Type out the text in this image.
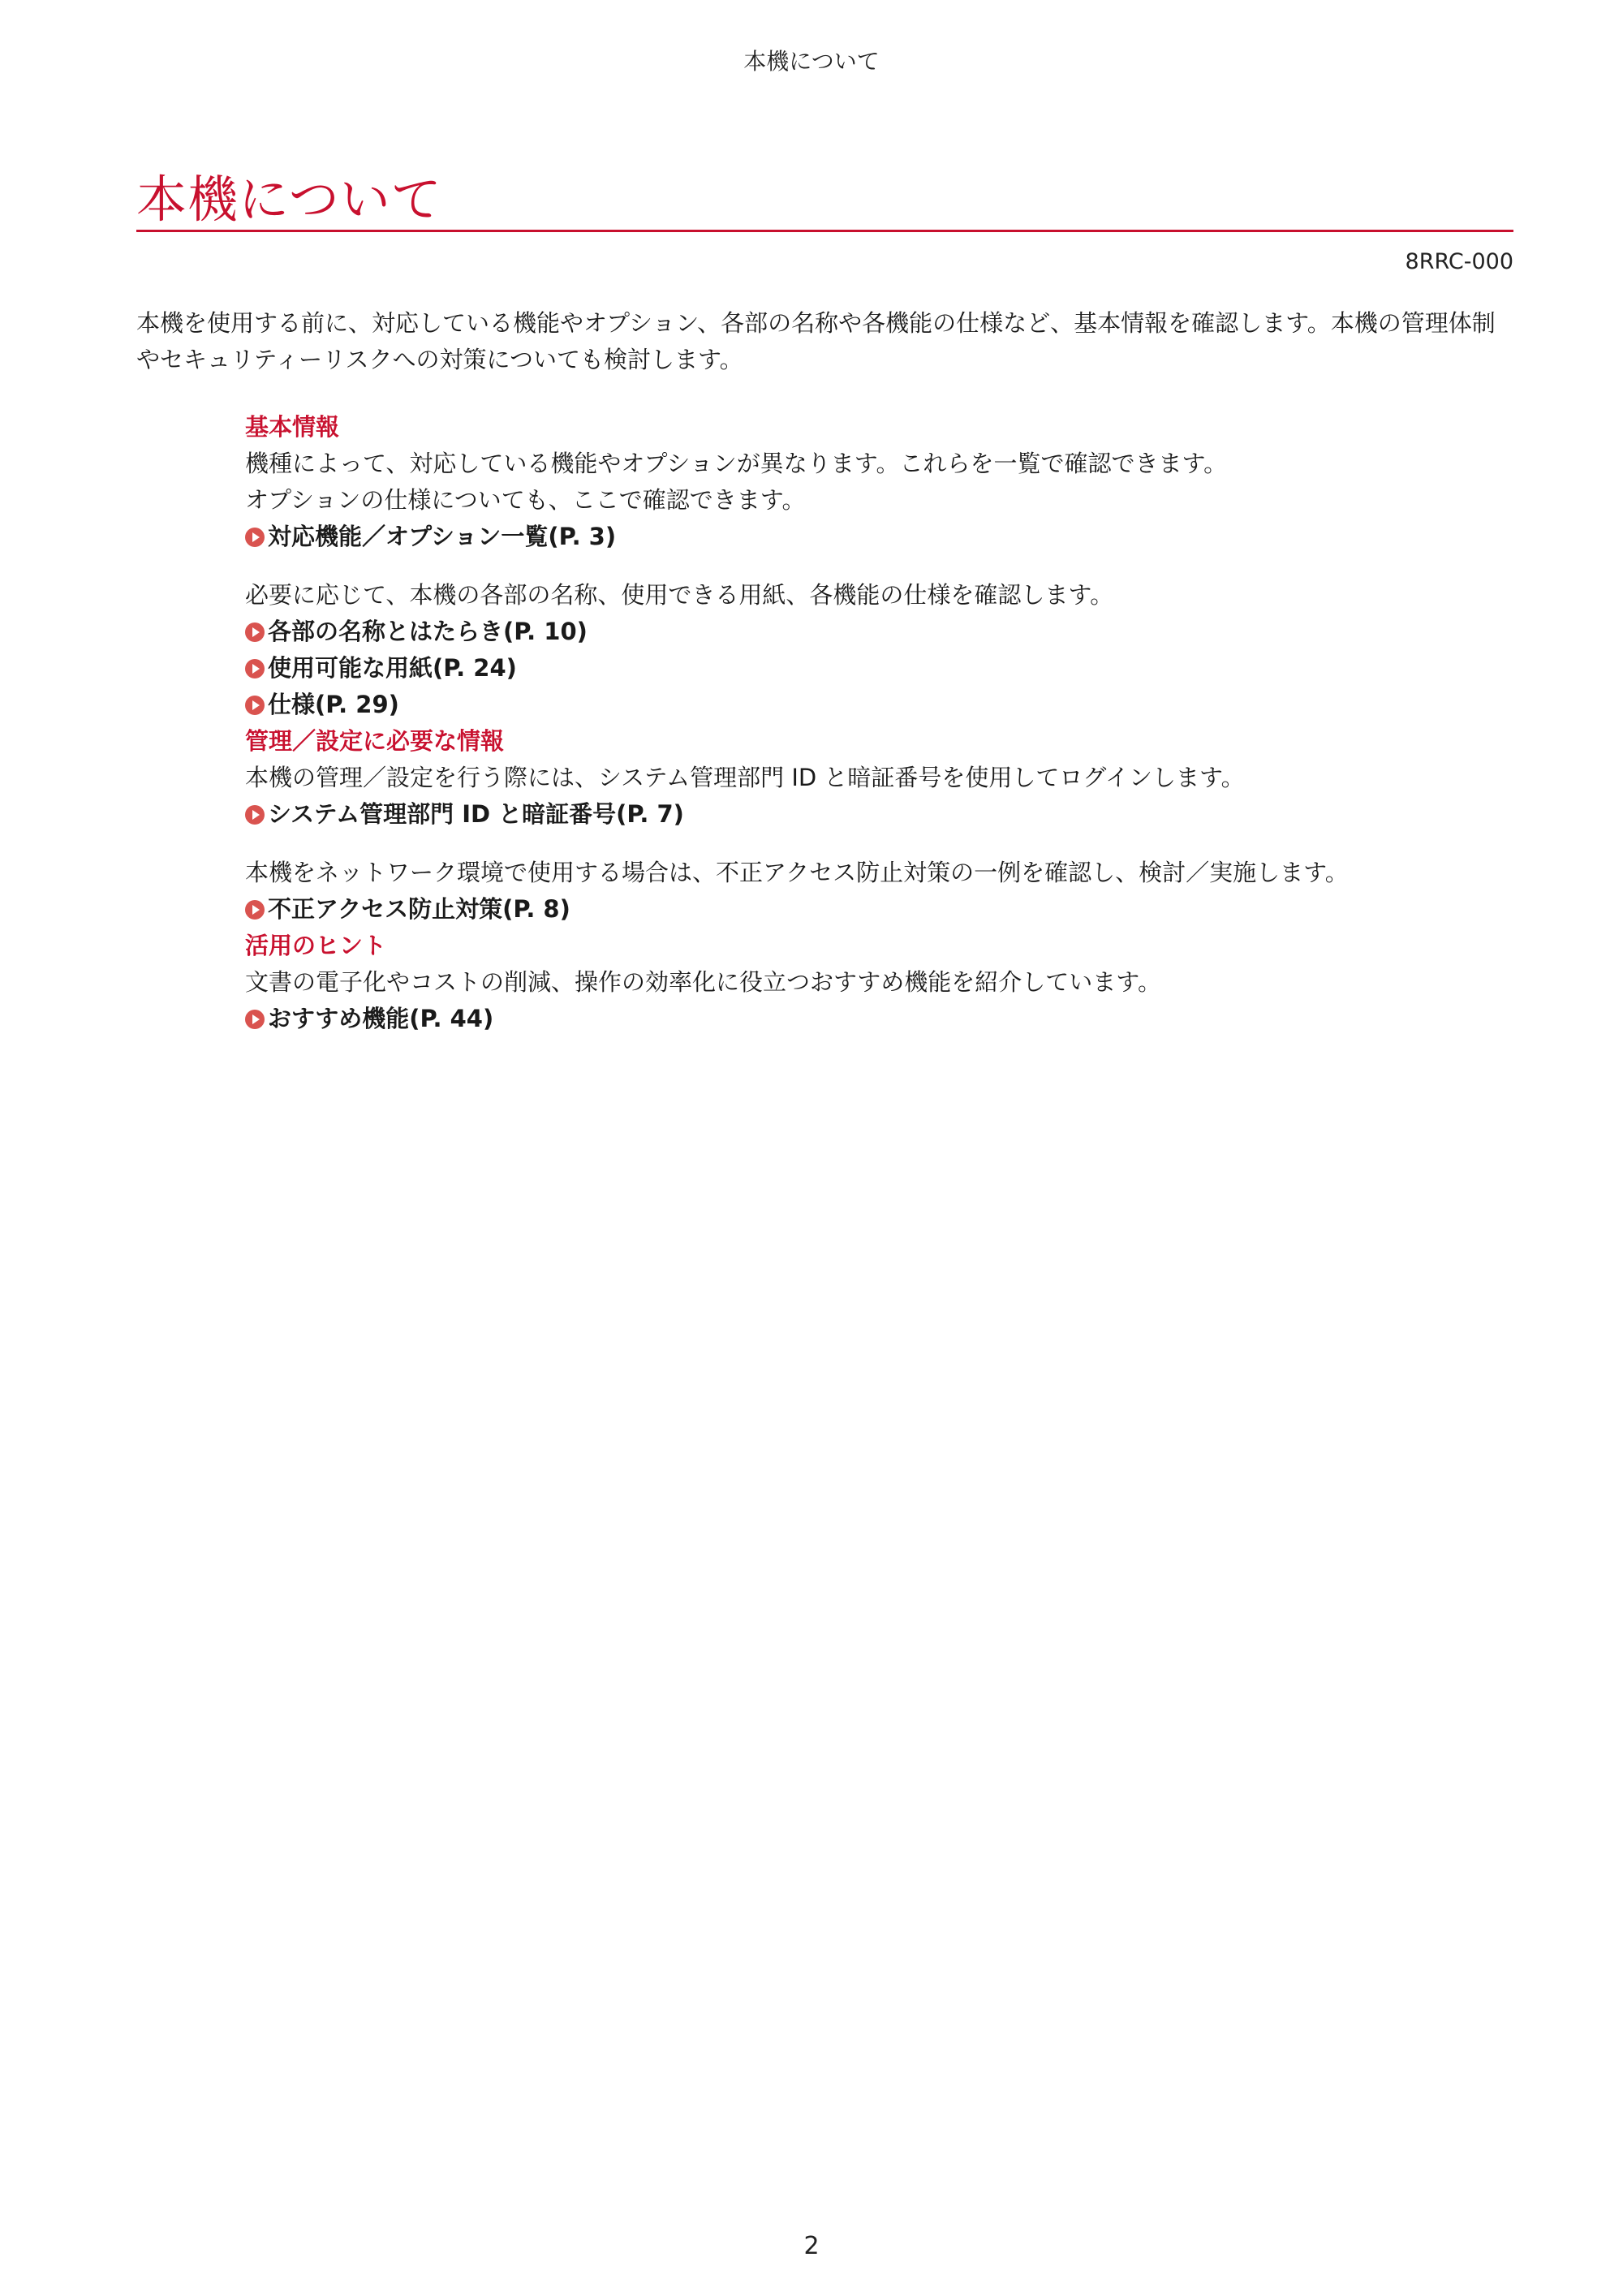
本機について
本機について
8RRC-000

本機を使用する前に、対応している機能やオプション、各部の名称や各機能の仕様など、基本情報を確認します。本機の管理体制やセキュリティーリスクへの対策についても検討します。

基本情報
機種によって、対応している機能やオプションが異なります。これらを一覧で確認できます。
オプションの仕様についても、ここで確認できます。
対応機能／オプション一覧(P. 3)
必要に応じて、本機の各部の名称、使用できる用紙、各機能の仕様を確認します。
各部の名称とはたらき(P. 10)
使用可能な用紙(P. 24)
仕様(P. 29)
管理／設定に必要な情報
本機の管理／設定を行う際には、システム管理部門 ID と暗証番号を使用してログインします。
システム管理部門 ID と暗証番号(P. 7)
本機をネットワーク環境で使用する場合は、不正アクセス防止対策の一例を確認し、検討／実施します。
不正アクセス防止対策(P. 8)
活用のヒント
文書の電子化やコストの削減、操作の効率化に役立つおすすめ機能を紹介しています。
おすすめ機能(P. 44)
2
